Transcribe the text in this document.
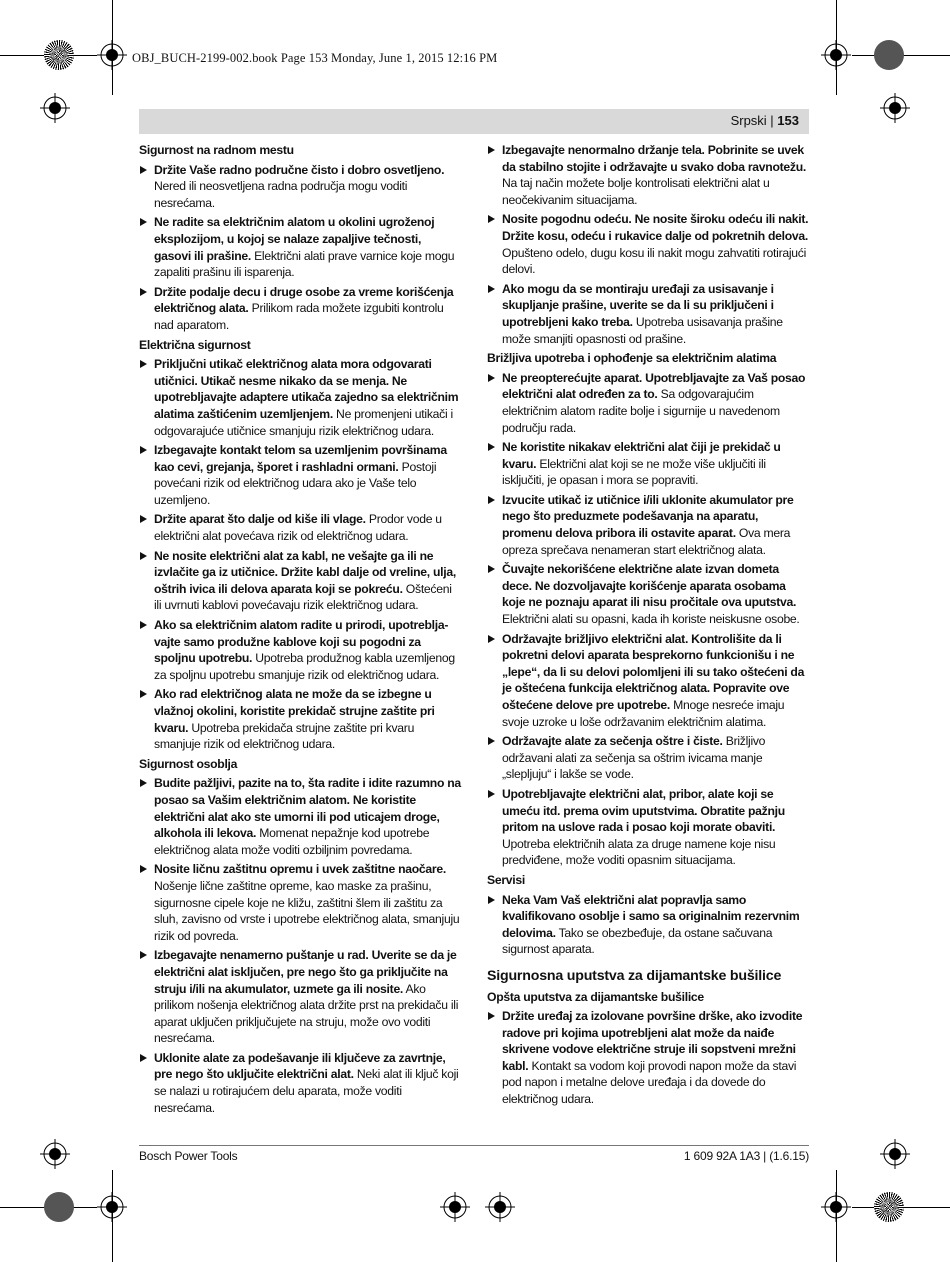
OBJ_BUCH-2199-002.book Page 153 Monday, June 1, 2015 12:16 PM
Srpski | 153
Sigurnost na radnom mestu
Držite Vaše radno područne čisto i dobro osvetljeno. Nered ili neosvetljena radna područja mogu voditi nesrećama.
Ne radite sa električnim alatom u okolini ugroženoj eksplozijom, u kojoj se nalaze zapaljive tečnosti, gasovi ili prašine. Električni alati prave varnice koje mogu zapaliti prašinu ili isparenja.
Držite podalje decu i druge osobe za vreme korišćenja električnog alata. Prilikom rada možete izgubiti kontrolu nad aparatom.
Električna sigurnost
Priključni utikač električnog alata mora odgovarati utičnici. Utikač nesme nikako da se menja. Ne upotrebljavajte adaptere utikača zajedno sa električnim alatima zaštićenim uzemljenjem. Ne promenjeni utikači i odgovarajuće utičnice smanjuju rizik električnog udara.
Izbegavajte kontakt telom sa uzemljenim površinama kao cevi, grejanja, šporet i rashladni ormani. Postoji povećani rizik od električnog udara ako je Vaše telo uzemljeno.
Držite aparat što dalje od kiše ili vlage. Prodor vode u električni alat povećava rizik od električnog udara.
Ne nosite električni alat za kabl, ne vešajte ga ili ne izvlačite ga iz utičnice. Držite kabl dalje od vreline, ulja, oštrih ivica ili delova aparata koji se pokreću. Oštećeni ili uvrnuti kablovi povećavaju rizik električnog udara.
Ako sa električnim alatom radite u prirodi, upotreblja-vajte samo produžne kablove koji su pogodni za spoljnu upotrebu. Upotreba produžnog kabla uzemljenog za spoljnu upotrebu smanjuje rizik od električnog udara.
Ako rad električnog alata ne može da se izbegne u vlažnoj okolini, koristite prekidač strujne zaštite pri kvaru. Upotreba prekidača strujne zaštite pri kvaru smanjuje rizik od električnog udara.
Sigurnost osoblja
Budite pažljivi, pazite na to, šta radite i idite razumno na posao sa Vašim električnim alatom. Ne koristite električni alat ako ste umorni ili pod uticajem droge, alkohola ili lekova. Momenat nepažnje kod upotrebe električnog alata može voditi ozbiljnim povredama.
Nosite ličnu zaštitnu opremu i uvek zaštitne naočare. Nošenje lične zaštitne opreme, kao maske za prašinu, sigurnosne cipele koje ne kližu, zaštitni šlem ili zaštitu za sluh, zavisno od vrste i upotrebe električnog alata, smanjuju rizik od povreda.
Izbegavajte nenamerno puštanje u rad. Uverite se da je električni alat isključen, pre nego što ga priključite na struju i/ili na akumulator, uzmete ga ili nosite. Ako prilikom nošenja električnog alata držite prst na prekidaču ili aparat uključen priključujete na struju, može ovo voditi nesrećama.
Uklonite alate za podešavanje ili ključeve za zavrtnje, pre nego što uključite električni alat. Neki alat ili ključ koji se nalazi u rotirajućem delu aparata, može voditi nesrećama.
Izbegavajte nenormalno držanje tela. Pobrinite se uvek da stabilno stojite i održavajte u svako doba ravnotežu. Na taj način možete bolje kontrolisati električni alat u neočekivanim situacijama.
Nosite pogodnu odeću. Ne nosite široku odeću ili nakit. Držite kosu, odeću i rukavice dalje od pokretnih delova. Opušteno odelo, dugu kosu ili nakit mogu zahvatiti rotirajući delovi.
Ako mogu da se montiraju uređaji za usisavanje i skupljanje prašine, uverite se da li su priključeni i upotrebljeni kako treba. Upotreba usisavanja prašine može smanjiti opasnosti od prašine.
Brižljiva upotreba i ophođenje sa električnim alatima
Ne preopterećujte aparat. Upotrebljavajte za Vaš posao električni alat određen za to. Sa odgovarajućim električnim alatom radite bolje i sigurnije u navedenom području rada.
Ne koristite nikakav električni alat čiji je prekidač u kvaru. Električni alat koji se ne može više uključiti ili isključiti, je opasan i mora se popraviti.
Izvucite utikač iz utičnice i/ili uklonite akumulator pre nego što preduzmete podešavanja na aparatu, promenu delova pribora ili ostavite aparat. Ova mera opreza sprečava nenameran start električnog alata.
Čuvajte nekorišćene električne alate izvan dometa dece. Ne dozvoljavajte korišćenje aparata osobama koje ne poznaju aparat ili nisu pročitale ova uputstva. Električni alati su opasni, kada ih koriste neiskusne osobe.
Održavajte brižljivo električni alat. Kontrolišite da li pokretni delovi aparata besprekorno funkcionišu i ne „lepe“, da li su delovi polomljeni ili su tako oštećeni da je oštećena funkcija električnog alata. Popravite ove oštećene delove pre upotrebe. Mnoge nesreće imaju svoje uzroke u loše održavanim električnim alatima.
Održavajte alate za sečenja oštre i čiste. Brižljivo održavani alati za sečenja sa oštrim ivicama manje „slepljuju“ i lakše se vode.
Upotrebljavajte električni alat, pribor, alate koji se umeću itd. prema ovim uputstvima. Obratite pažnju pritom na uslove rada i posao koji morate obaviti. Upotreba električnih alata za druge namene koje nisu predviđene, može voditi opasnim situacijama.
Servisi
Neka Vam Vaš električni alat popravlja samo kvalifikovano osoblje i samo sa originalnim rezervnim delovima. Tako se obezbeđuje, da ostane sačuvana sigurnost aparata.
Sigurnosna uputstva za dijamantske bušilice
Opšta uputstva za dijamantske bušilice
Držite uređaj za izolovane površine drške, ako izvodite radove pri kojima upotrebljeni alat može da naiđe skrivene vodove električne struje ili sopstveni mrežni kabl. Kontakt sa vodom koji provodi napon može da stavi pod napon i metalne delove uređaja i da dovede do električnog udara.
Bosch Power Tools	1 609 92A 1A3 | (1.6.15)
